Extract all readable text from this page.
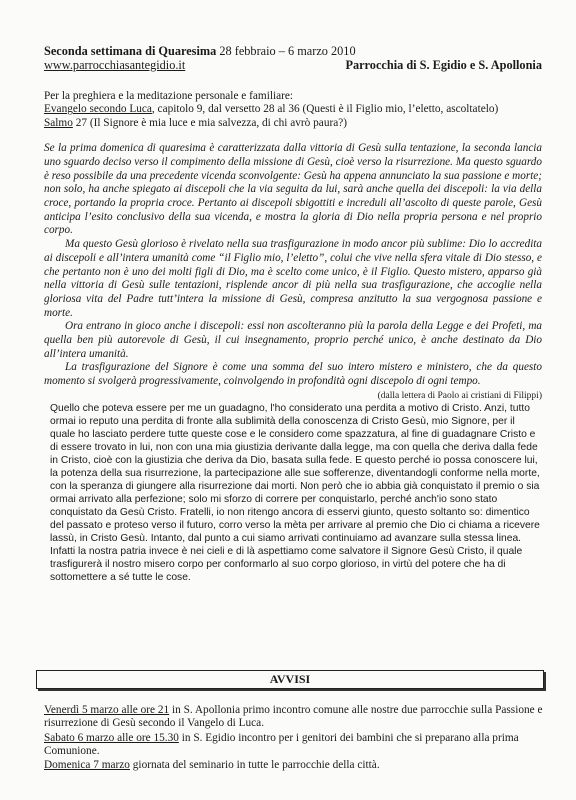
Seconda settimana di Quaresima 28 febbraio – 6 marzo 2010
www.parrocchiasantegidio.it	Parrocchia di S. Egidio e S. Apollonia

Per la preghiera e la meditazione personale e familiare:

Evangelo secondo Luca, capitolo 9, dal versetto 28 al 36 (Questi è il Figlio mio, l’eletto, ascoltatelo)

Salmo 27 (Il Signore è mia luce e mia salvezza, di chi avrò paura?)

Se la prima domenica di quaresima è caratterizzata dalla vittoria di Gesù sulla tentazione, la seconda lancia uno sguardo deciso verso il compimento della missione di Gesù, cioè verso la risurrezione. Ma questo sguardo è reso possibile da una precedente vicenda sconvolgente: Gesù ha appena annunciato la sua passione e morte; non solo, ha anche spiegato ai discepoli che la via seguita da lui, sarà anche quella dei discepoli: la via della croce, portando la propria croce. Pertanto ai discepoli sbigottiti e increduli all’ascolto di queste parole, Gesù anticipa l’esito conclusivo della sua vicenda, e mostra la gloria di Dio nella propria persona e nel proprio corpo.

Ma questo Gesù glorioso è rivelato nella sua trasfigurazione in modo ancor più sublime: Dio lo accredita ai discepoli e all’intera umanità come “il Figlio mio, l’eletto”, colui che vive nella sfera vitale di Dio stesso, e che pertanto non è uno dei molti figli di Dio, ma è scelto come unico, è il Figlio. Questo mistero, apparso già nella vittoria di Gesù sulle tentazioni, risplende ancor di più nella sua trasfigurazione, che accoglie nella gloriosa vita del Padre tutt’intera la missione di Gesù, compresa anzitutto la sua vergognosa passione e morte.

Ora entrano in gioco anche i discepoli: essi non ascolteranno più la parola della Legge e dei Profeti, ma quella ben più autorevole di Gesù, il cui insegnamento, proprio perché unico, è anche destinato da Dio all’intera umanità.

La trasfigurazione del Signore è come una somma del suo intero mistero e ministero, che da questo momento si svolgerà progressivamente, coinvolgendo in profondità ogni discepolo di ogni tempo.

(dalla lettera di Paolo ai cristiani di Filippi)
Quello che poteva essere per me un guadagno, l'ho considerato una perdita a motivo di Cristo. Anzi, tutto ormai io reputo una perdita di fronte alla sublimità della conoscenza di Cristo Gesù, mio Signore, per il quale ho lasciato perdere tutte queste cose e le considero come spazzatura, al fine di guadagnare Cristo e di essere trovato in lui, non con una mia giustizia derivante dalla legge, ma con quella che deriva dalla fede in Cristo, cioè con la giustizia che deriva da Dio, basata sulla fede. E questo perché io possa conoscere lui, la potenza della sua risurrezione, la partecipazione alle sue sofferenze, diventandogli conforme nella morte, con la speranza di giungere alla risurrezione dai morti. Non però che io abbia già conquistato il premio o sia ormai arrivato alla perfezione; solo mi sforzo di correre per conquistarlo, perché anch'io sono stato conquistato da Gesù Cristo. Fratelli, io non ritengo ancora di esservi giunto, questo soltanto so: dimentico del passato e proteso verso il futuro, corro verso la mèta per arrivare al premio che Dio ci chiama a ricevere lassù, in Cristo Gesù. Intanto, dal punto a cui siamo arrivati continuiamo ad avanzare sulla stessa linea. Infatti la nostra patria invece è nei cieli e di là aspettiamo come salvatore il Signore Gesù Cristo, il quale trasfigurerà il nostro misero corpo per conformarlo al suo corpo glorioso, in virtù del potere che ha di sottomettere a sé tutte le cose.
AVVISI

Venerdì 5 marzo alle ore 21 in S. Apollonia primo incontro comune alle nostre due parrocchie sulla Passione e risurrezione di Gesù secondo il Vangelo di Luca.

Sabato 6 marzo alle ore 15.30 in S. Egidio incontro per i genitori dei bambini che si preparano alla prima Comunione.

Domenica 7 marzo giornata del seminario in tutte le parrocchie della città.
